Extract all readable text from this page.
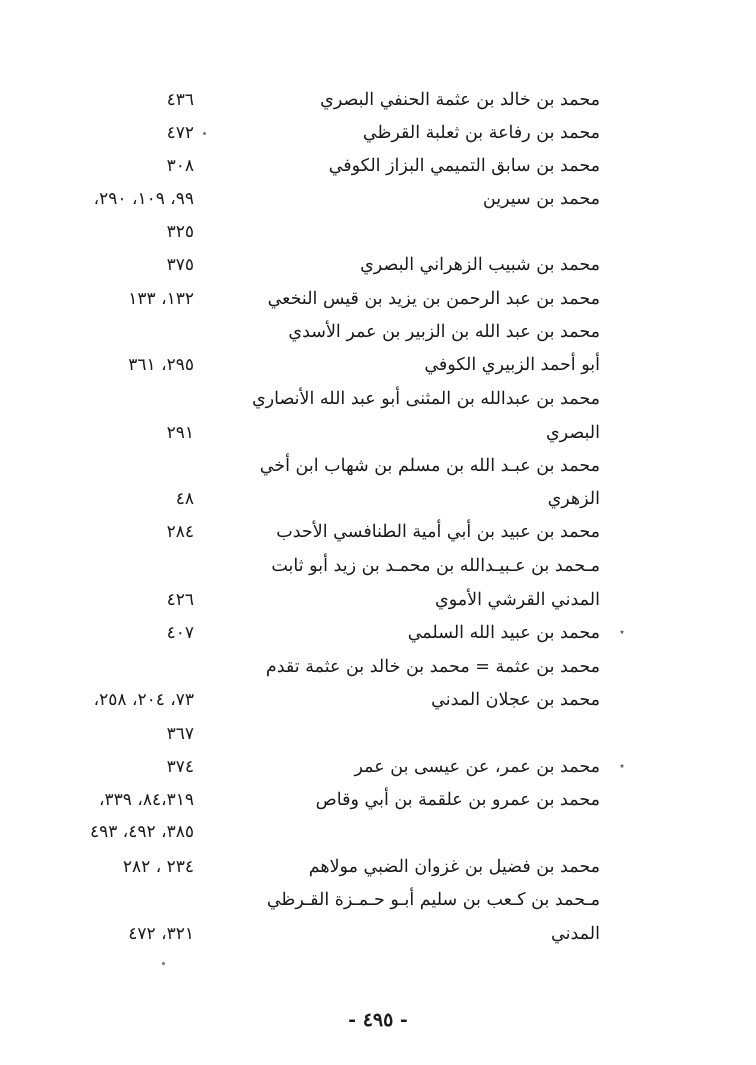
محمد بن خالد بن عثمة الحنفي البصري
٤٣٦
محمد بن رفاعة بن ثعلبة القرظي
٤٧٢
محمد بن سابق التميمي البزاز الكوفي
٣٠٨
محمد بن سيرين
٩٩، ١٠٩، ٢٩٠،
٣٢٥
محمد بن شبيب الزهراني البصري
٣٧٥
محمد بن عبد الرحمن بن يزيد بن قيس النخعي
١٣٢، ١٣٣
محمد بن عبد الله بن الزبير بن عمر الأسدي
أبو أحمد الزبيري الكوفي
٢٩٥، ٣٦١
محمد بن عبدالله بن المثنى أبو عبد الله الأنصاري
البصري
٢٩١
محمد بن عبـد الله بن مسلم بن شهاب ابن أخي
الزهري
٤٨
محمد بن عبيد بن أبي أمية الطنافسي الأحدب
٢٨٤
مـحمد بن عـبيـدالله بن محمـد بن زيد أبو ثابت
المدني القرشي الأموي
٤٢٦
محمد بن عبيد الله السلمي
٤٠٧
محمد بن عثمة = محمد بن خالد بن عثمة تقدم
محمد بن عجلان المدني
٧٣، ٢٠٤، ٢٥٨،
٣٦٧
محمد بن عمر، عن عيسى بن عمر
٣٧٤
محمد بن عمرو بن علقمة بن أبي وقاص
٨٤،٣١٩، ٣٣٩،
٣٨٥، ٤٩٢، ٤٩٣
محمد بن فضيل بن غزوان الضبي مولاهم
٢٣٤ ، ٢٨٢
مـحمد بن كـعب بن سليم أبـو حـمـزة القـرظي
المدني
٣٢١، ٤٧٢
٭
٭
- ٤٩٥ -
